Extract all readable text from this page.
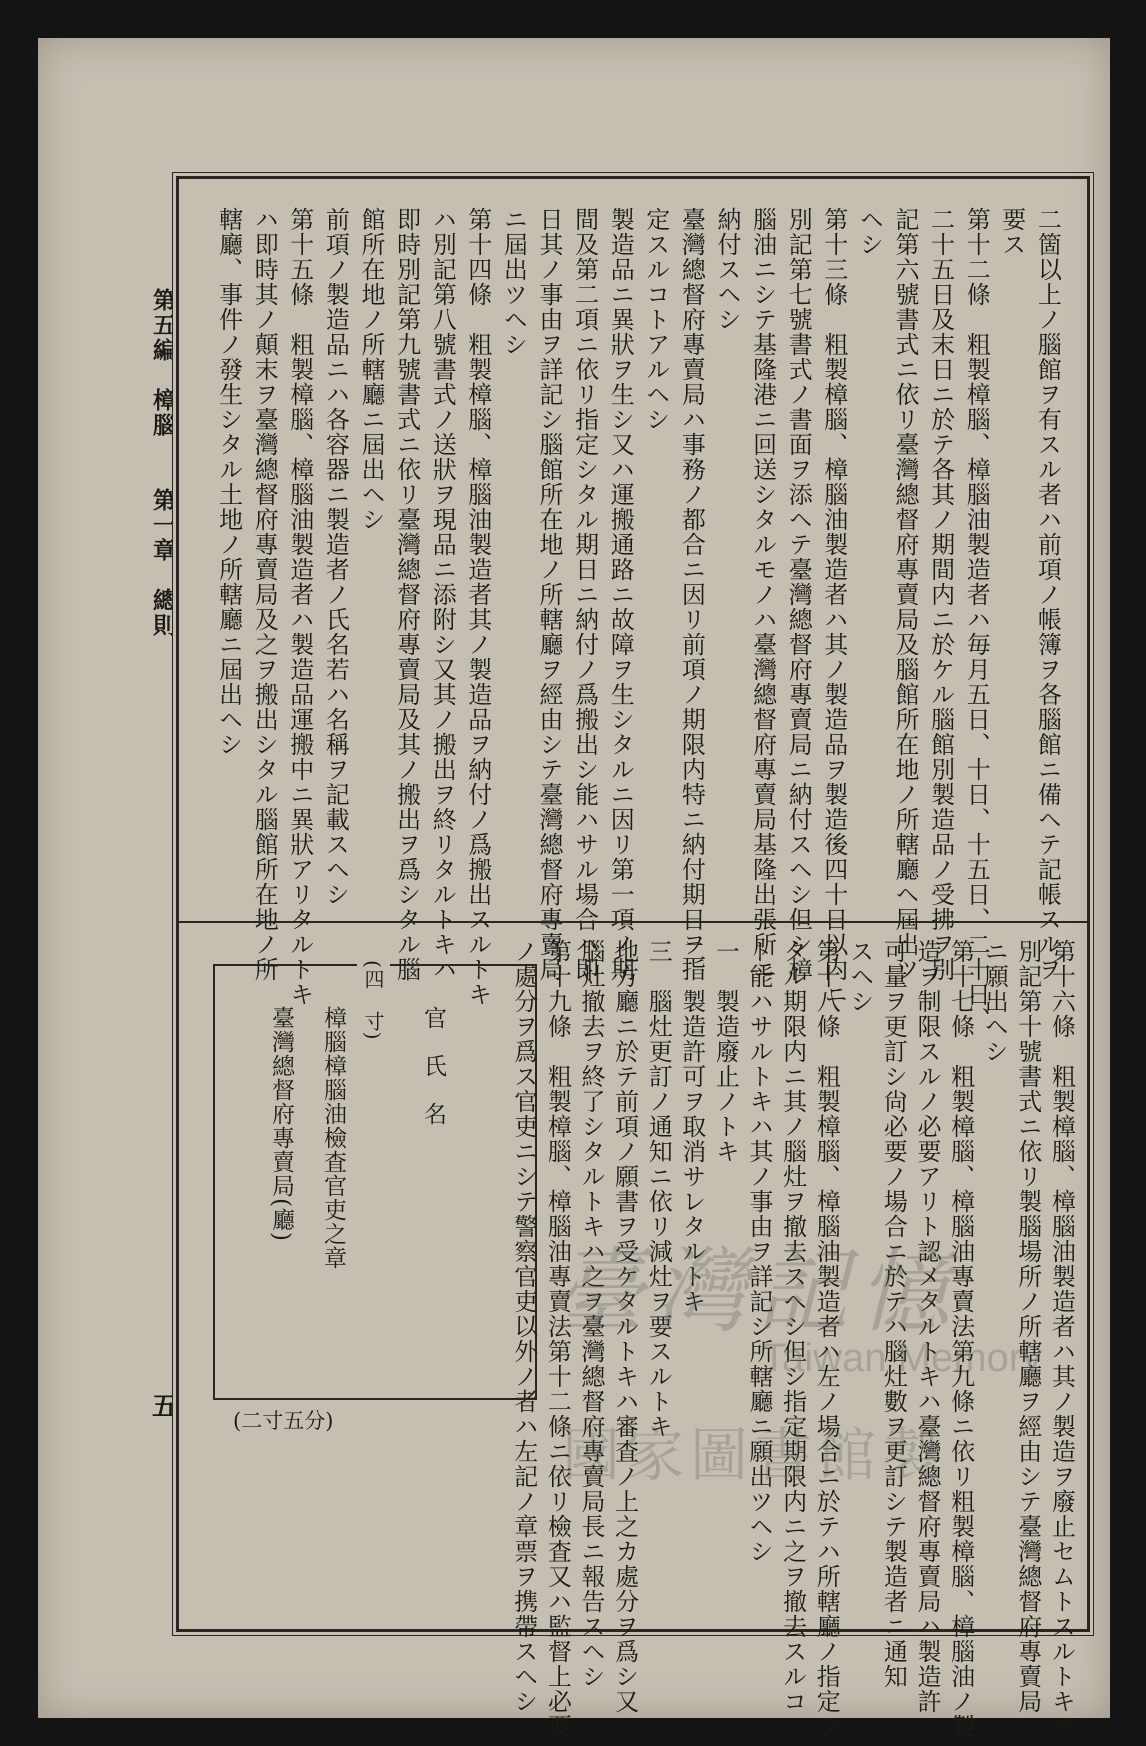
第五編　樟腦　　第一章　總則
五
二箇以上ノ腦館ヲ有スル者ハ前項ノ帳簿ヲ各腦館ニ備ヘテ記帳スルヲ
要ス
第十二條　粗製樟腦、樟腦油製造者ハ毎月五日、十日、十五日、二十日、
二十五日及末日ニ於テ各其ノ期間内ニ於ケル腦館別製造品ノ受拂ヲ別
記第六號書式ニ依リ臺灣總督府專賣局及腦館所在地ノ所轄廳ヘ屆出ツ
ヘシ
第十三條　粗製樟腦、樟腦油製造者ハ其ノ製造品ヲ製造後四十日以内ニ
別記第七號書式ノ書面ヲ添ヘテ臺灣總督府專賣局ニ納付スヘシ但シ樟
腦油ニシテ基隆港ニ回送シタルモノハ臺灣總督府專賣局基隆出張所ニ
納付スヘシ
臺灣總督府專賣局ハ事務ノ都合ニ因リ前項ノ期限内特ニ納付期日ヲ指
定スルコトアルヘシ
製造品ニ異狀ヲ生シ又ハ運搬通路ニ故障ヲ生シタルニ因リ第一項ノ期
間及第二項ニ依リ指定シタル期日ニ納付ノ爲搬出シ能ハサル場合ハ即
日其ノ事由ヲ詳記シ腦館所在地ノ所轄廳ヲ經由シテ臺灣總督府專賣局
ニ屆出ツヘシ
第十四條　粗製樟腦、樟腦油製造者其ノ製造品ヲ納付ノ爲搬出スルトキ
ハ別記第八號書式ノ送狀ヲ現品ニ添附シ又其ノ搬出ヲ終リタルトキハ
即時別記第九號書式ニ依リ臺灣總督府專賣局及其ノ搬出ヲ爲シタル腦
館所在地ノ所轄廳ニ屆出ヘシ
前項ノ製造品ニハ各容器ニ製造者ノ氏名若ハ名稱ヲ記載スヘシ
第十五條　粗製樟腦、樟腦油製造者ハ製造品運搬中ニ異狀アリタルトキ
ハ即時其ノ顛末ヲ臺灣總督府專賣局及之ヲ搬出シタル腦館所在地ノ所
轄廳、事件ノ發生シタル土地ノ所轄廳ニ屆出ヘシ
第十六條　粗製樟腦、樟腦油製造者ハ其ノ製造ヲ廢止セムトスルトキハ
別記第十號書式ニ依リ製腦場所ノ所轄廳ヲ經由シテ臺灣總督府專賣局
ニ願出ヘシ
第十七條　粗製樟腦、樟腦油專賣法第九條ニ依リ粗製樟腦、樟腦油ノ製
造ヲ制限スルノ必要アリト認メタルトキハ臺灣總督府專賣局ハ製造許
可量ヲ更訂シ尙必要ノ場合ニ於テハ腦灶數ヲ更訂シテ製造者ニ通知
スヘシ
第十八條　粗製樟腦、樟腦油製造者ハ左ノ場合ニ於テハ所轄廳ノ指定シ
タル期限内ニ其ノ腦灶ヲ撤去スヘシ但シ指定期限内ニ之ヲ撤去スルコ
ト能ハサルトキハ其ノ事由ヲ詳記シ所轄廳ニ願出ツヘシ
一　製造廢止ノトキ
二　製造許可ヲ取消サレタルトキ
三　腦灶更訂ノ通知ニ依リ減灶ヲ要スルトキ
地方廳ニ於テ前項ノ願書ヲ受ケタルトキハ審査ノ上之カ處分ヲ爲シ又
腦灶撤去ヲ終了シタルトキハ之ヲ臺灣總督府專賣局長ニ報告スヘシ
第十九條　粗製樟腦、樟腦油專賣法第十二條ニ依リ檢査又ハ監督上必要
ノ處分ヲ爲ス官吏ニシテ警察官吏以外ノ者ハ左記ノ章票ヲ携帶スヘシ
(四　寸)
官　氏　名
樟腦樟腦油檢査官吏之章
臺灣總督府專賣局(廳)
(二寸五分)
臺灣記憶
Taiwan Memory
國家圖書館製
